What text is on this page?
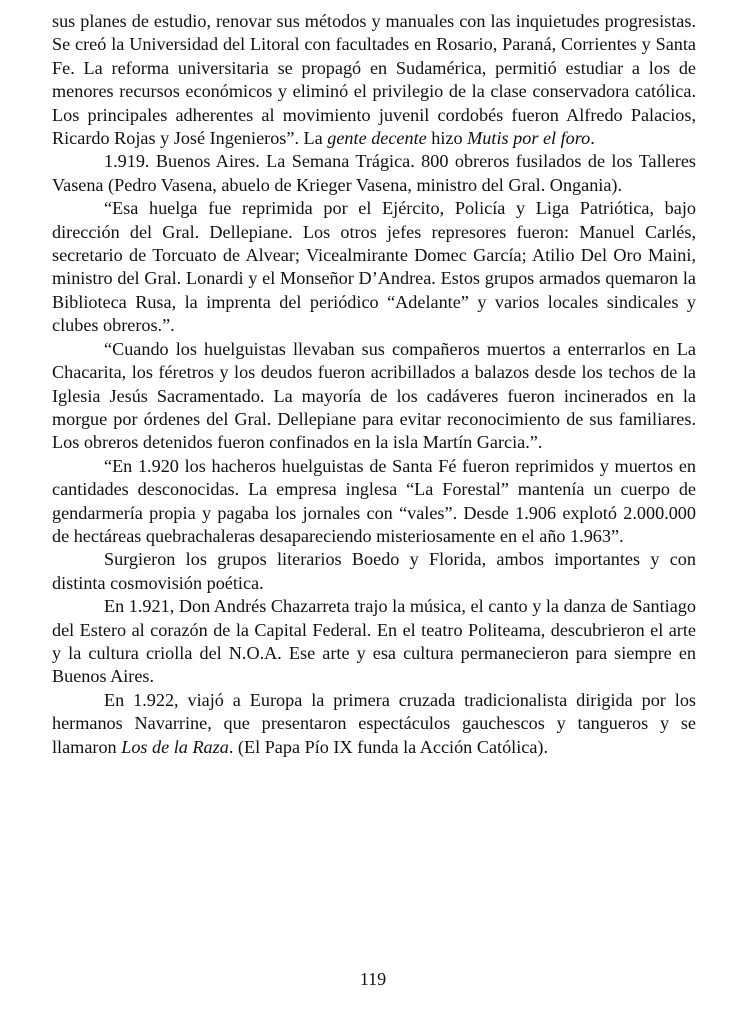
sus planes de estudio, renovar sus métodos y manuales con las inquietudes progresistas. Se creó la Universidad del Litoral con facultades en Rosario, Paraná, Corrientes y Santa Fe. La reforma universitaria se propagó en Sudamérica, permitió estudiar a los de menores recursos económicos y eliminó el privilegio de la clase conservadora católica. Los principales adherentes al movimiento juvenil cordobés fueron Alfredo Palacios, Ricardo Rojas y José Ingenieros”. La gente decente hizo Mutis por el foro.

1.919. Buenos Aires. La Semana Trágica. 800 obreros fusilados de los Talleres Vasena (Pedro Vasena, abuelo de Krieger Vasena, ministro del Gral. Ongania).

“Esa huelga fue reprimida por el Ejército, Policía y Liga Patriótica, bajo dirección del Gral. Dellepiane. Los otros jefes represores fueron: Manuel Carlés, secretario de Torcuato de Alvear; Vicealmirante Domec García; Atilio Del Oro Maini, ministro del Gral. Lonardi y el Monseñor D’Andrea. Estos grupos armados quemaron la Biblioteca Rusa, la imprenta del periódico “Adelante” y varios locales sindicales y clubes obreros.”.

“Cuando los huelguistas llevaban sus compañeros muertos a enterrarlos en La Chacarita, los féretros y los deudos fueron acribillados a balazos desde los techos de la Iglesia Jesús Sacramentado. La mayoría de los cadáveres fueron incinerados en la morgue por órdenes del Gral. Dellepiane para evitar reconocimiento de sus familiares. Los obreros detenidos fueron confinados en la isla Martín Garcia.”.

“En 1.920 los hacheros huelguistas de Santa Fé fueron reprimidos y muertos en cantidades desconocidas. La empresa inglesa “La Forestal” mantenía un cuerpo de gendarmería propia y pagaba los jornales con “vales”. Desde 1.906 explotó 2.000.000 de hectáreas quebrachaleras desapareciendo misteriosamente en el año 1.963”.

Surgieron los grupos literarios Boedo y Florida, ambos importantes y con distinta cosmovisión poética.

En 1.921, Don Andrés Chazarreta trajo la música, el canto y la danza de Santiago del Estero al corazón de la Capital Federal. En el teatro Politeama, descubrieron el arte y la cultura criolla del N.O.A. Ese arte y esa cultura permanecieron para siempre en Buenos Aires.

En 1.922, viajó a Europa la primera cruzada tradicionalista dirigida por los hermanos Navarrine, que presentaron espectáculos gauchescos y tangueros y se llamaron Los de la Raza. (El Papa Pío IX funda la Acción Católica).

119
